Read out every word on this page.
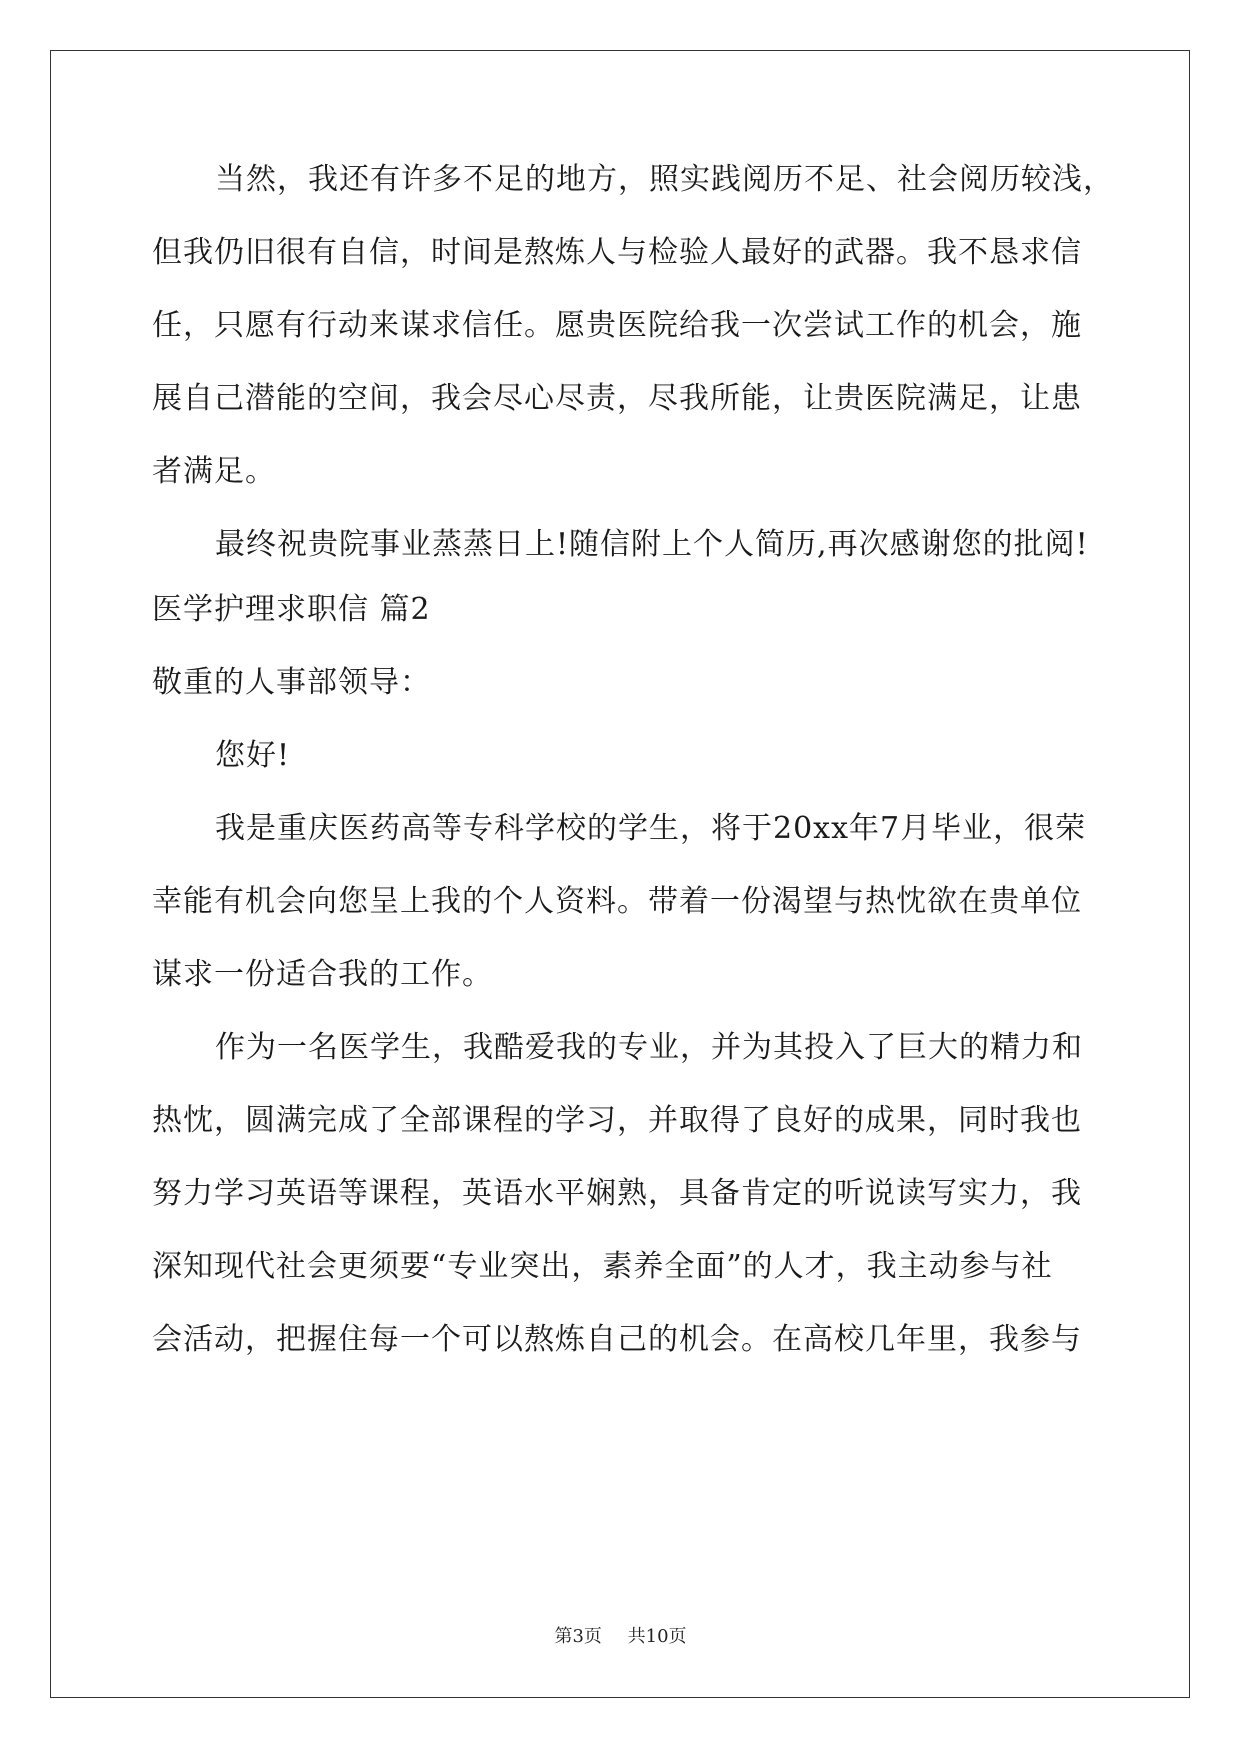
当然，我还有许多不足的地方，照实践阅历不足、社会阅历较浅，
但我仍旧很有自信，时间是熬炼人与检验人最好的武器。我不恳求信
任，只愿有行动来谋求信任。愿贵医院给我一次尝试工作的机会，施
展自己潜能的空间，我会尽心尽责，尽我所能，让贵医院满足，让患
者满足。
最终祝贵院事业蒸蒸日上!随信附上个人简历,再次感谢您的批阅!
医学护理求职信 篇2
敬重的人事部领导：
您好!
我是重庆医药高等专科学校的学生，将于20xx年7月毕业，很荣
幸能有机会向您呈上我的个人资料。带着一份渴望与热忱欲在贵单位
谋求一份适合我的工作。
作为一名医学生，我酷爱我的专业，并为其投入了巨大的精力和
热忱，圆满完成了全部课程的学习，并取得了良好的成果，同时我也
努力学习英语等课程，英语水平娴熟，具备肯定的听说读写实力，我
深知现代社会更须要“专业突出，素养全面”的人才，我主动参与社
会活动，把握住每一个可以熬炼自己的机会。在高校几年里，我参与
第3页 共10页
